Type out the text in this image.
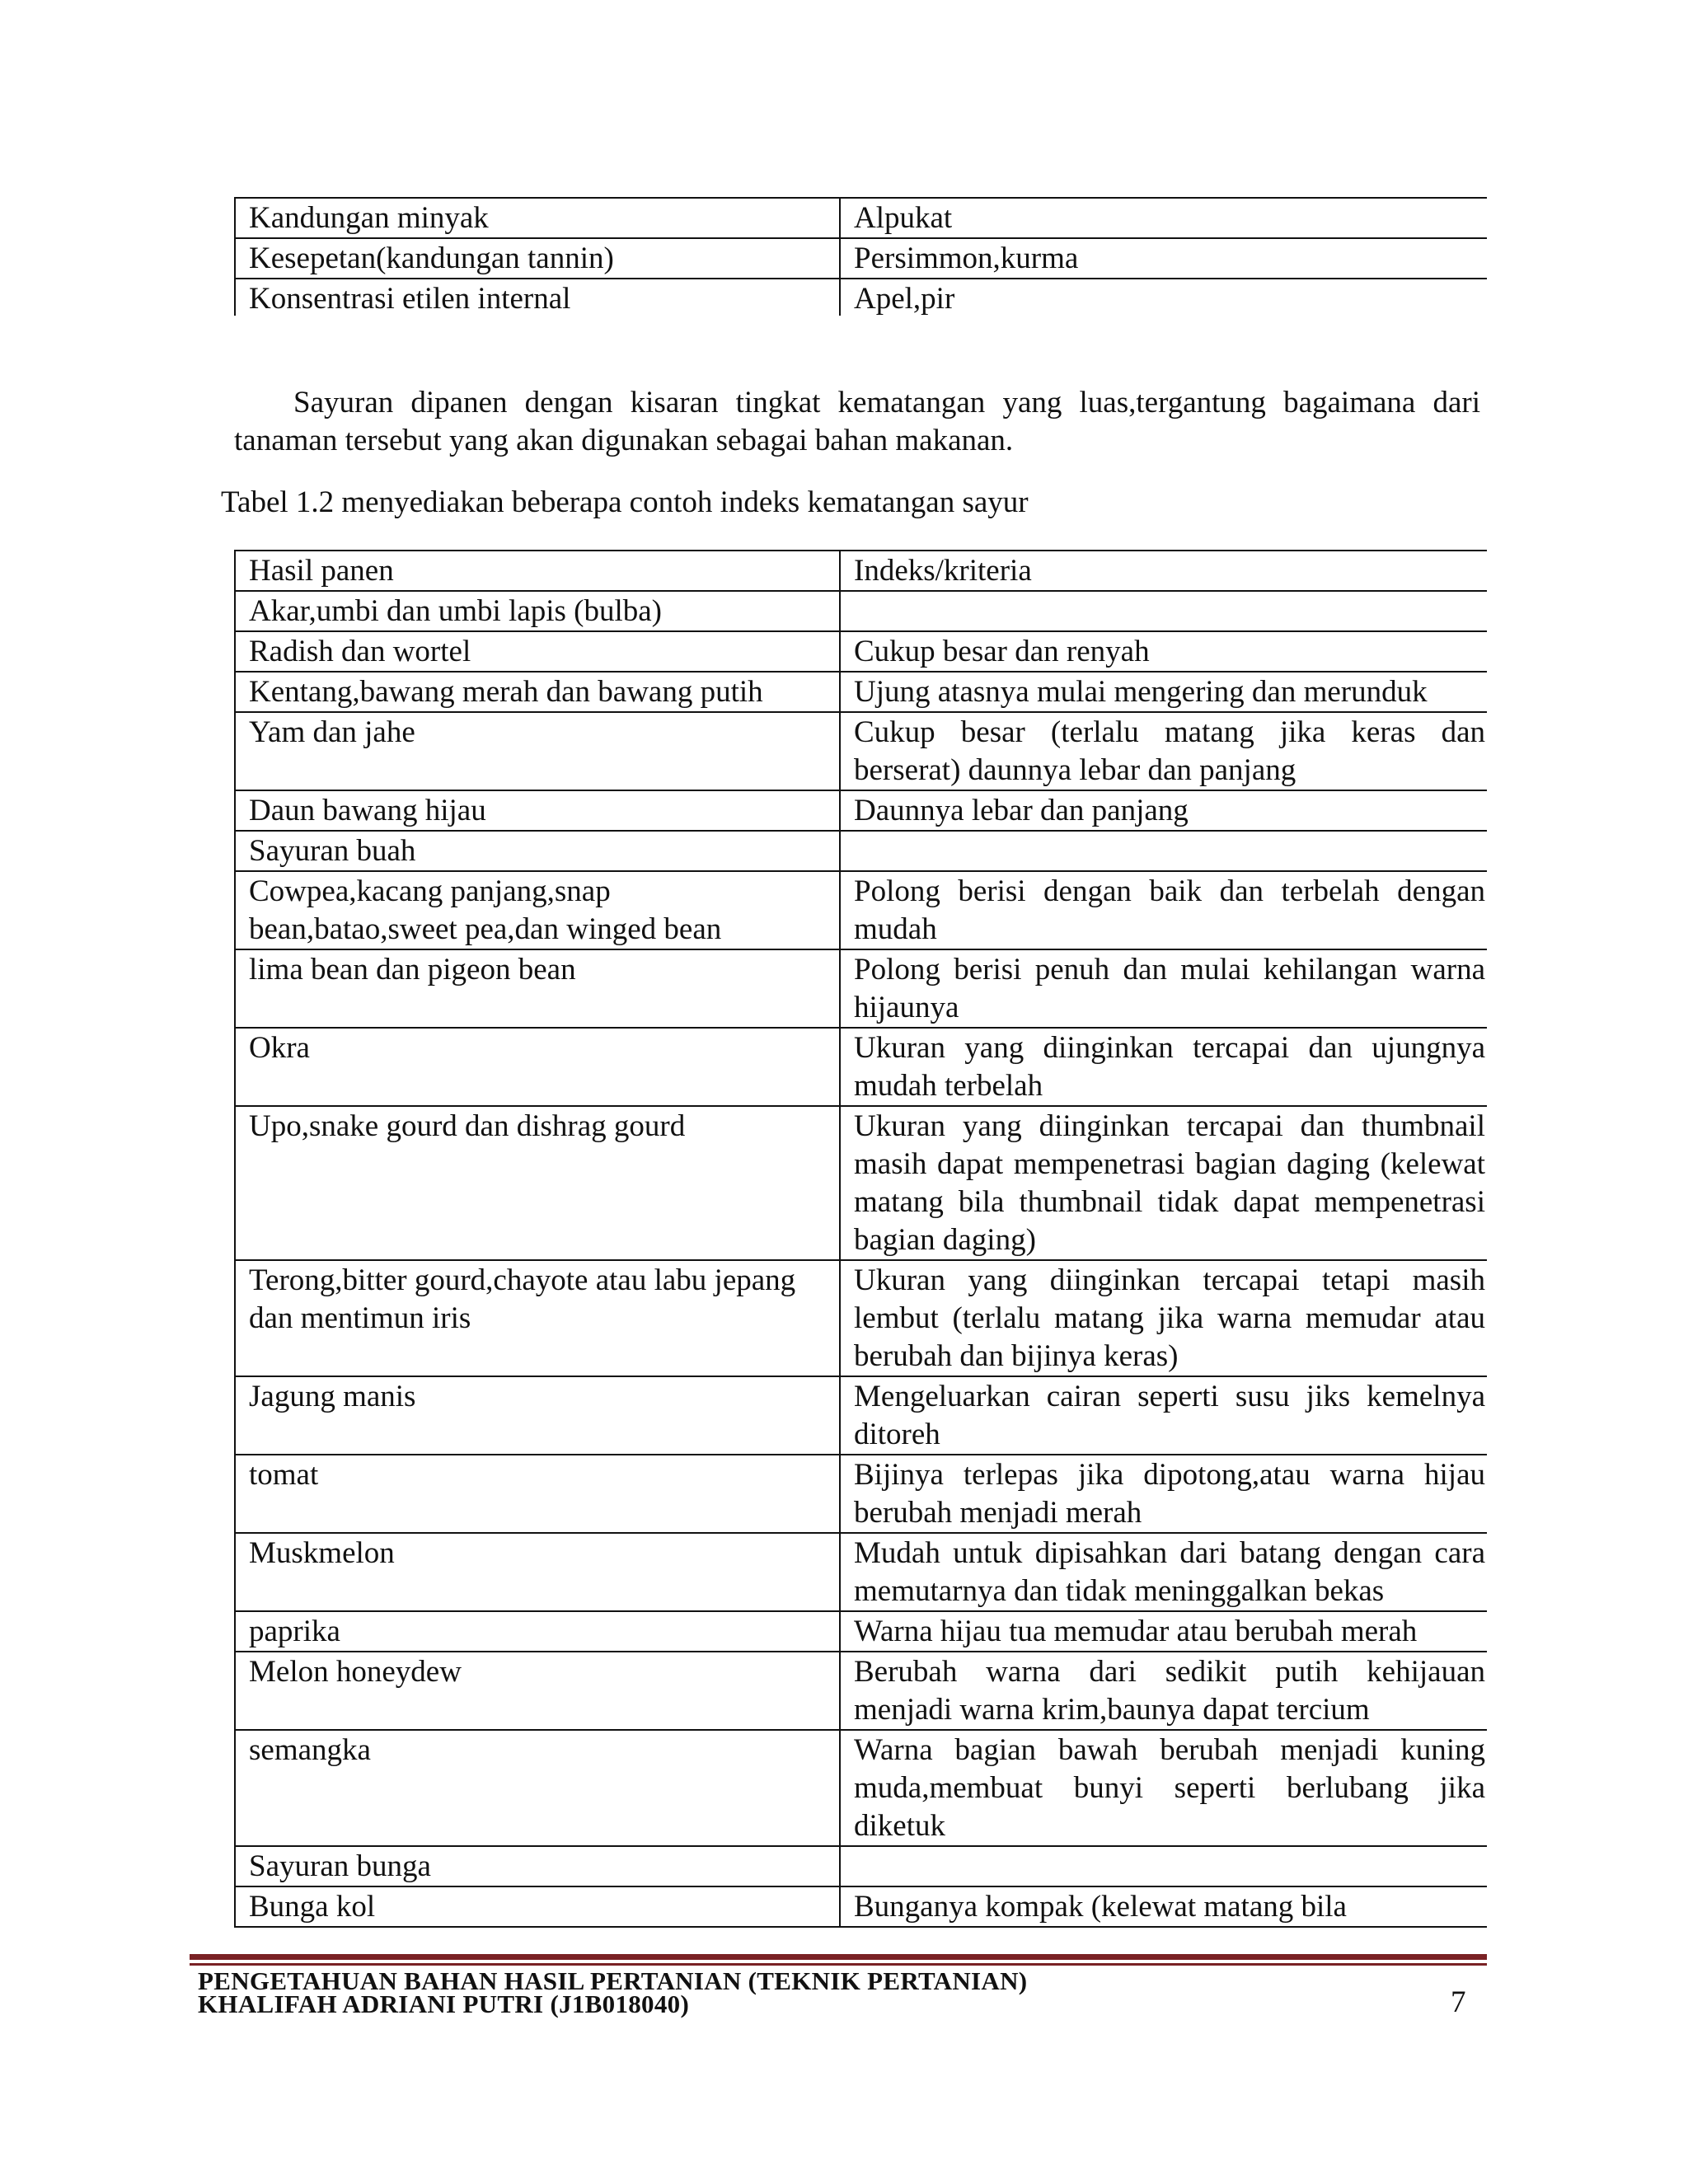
Kandungan minyak	Alpukat
Kesepetan(kandungan tannin)	Persimmon,kurma
Konsentrasi etilen internal	Apel,pir

Sayuran dipanen dengan kisaran tingkat kematangan yang luas,tergantung bagaimana dari tanaman tersebut yang akan digunakan sebagai bahan makanan.

Tabel 1.2 menyediakan beberapa contoh indeks kematangan sayur

Hasil panen	Indeks/kriteria
Akar,umbi dan umbi lapis (bulba)	
Radish dan wortel	Cukup besar dan renyah
Kentang,bawang merah dan bawang putih	Ujung atasnya mulai mengering dan merunduk
Yam dan jahe	Cukup besar (terlalu matang jika keras dan berserat) daunnya lebar dan panjang
Daun bawang hijau	Daunnya lebar dan panjang
Sayuran buah	
Cowpea,kacang panjang,snap bean,batao,sweet pea,dan winged bean	Polong berisi dengan baik dan terbelah dengan mudah
lima bean dan pigeon bean	Polong berisi penuh dan mulai kehilangan warna hijaunya
Okra	Ukuran yang diinginkan tercapai dan ujungnya mudah terbelah
Upo,snake gourd dan dishrag gourd	Ukuran yang diinginkan tercapai dan thumbnail masih dapat mempenetrasi bagian daging (kelewat matang bila thumbnail tidak dapat mempenetrasi bagian daging)
Terong,bitter gourd,chayote atau labu jepang dan mentimun iris	Ukuran yang diinginkan tercapai tetapi masih lembut (terlalu matang jika warna memudar atau berubah dan bijinya keras)
Jagung manis	Mengeluarkan cairan seperti susu jiks kemelnya ditoreh
tomat	Bijinya terlepas jika dipotong,atau warna hijau berubah menjadi merah
Muskmelon	Mudah untuk dipisahkan dari batang dengan cara memutarnya dan tidak meninggalkan bekas
paprika	Warna hijau tua memudar atau berubah merah
Melon honeydew	Berubah warna dari sedikit putih kehijauan menjadi warna krim,baunya dapat tercium
semangka	Warna bagian bawah berubah menjadi kuning muda,membuat bunyi seperti berlubang jika diketuk
Sayuran bunga	
Bunga kol	Bunganya kompak (kelewat matang bila

PENGETAHUAN BAHAN HASIL PERTANIAN (TEKNIK PERTANIAN)

KHALIFAH ADRIANI PUTRI (J1B018040)	7
